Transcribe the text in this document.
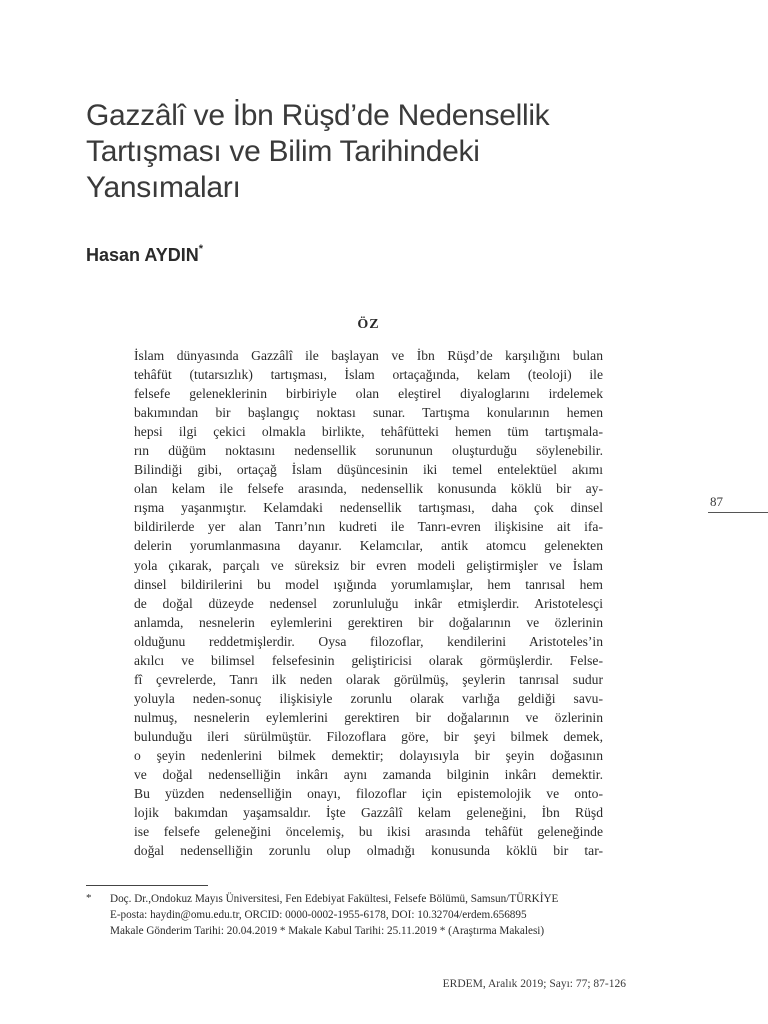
Gazzâlî ve İbn Rüşd’de Nedensellik
Tartışması ve Bilim Tarihindeki
Yansımaları
Hasan AYDIN*
ÖZ
İslam dünyasında Gazzâlî ile başlayan ve İbn Rüşd’de karşılığını bulan
tehâfüt (tutarsızlık) tartışması, İslam ortaçağında, kelam (teoloji) ile
felsefe geleneklerinin birbiriyle olan eleştirel diyaloglarını irdelemek
bakımından bir başlangıç noktası sunar. Tartışma konularının hemen
hepsi ilgi çekici olmakla birlikte, tehâfütteki hemen tüm tartışmala-
rın düğüm noktasını nedensellik sorununun oluşturduğu söylenebilir.
Bilindiği gibi, ortaçağ İslam düşüncesinin iki temel entelektüel akımı
olan kelam ile felsefe arasında, nedensellik konusunda köklü bir ay-
rışma yaşanmıştır. Kelamdaki nedensellik tartışması, daha çok dinsel
bildirilerde yer alan Tanrı’nın kudreti ile Tanrı-evren ilişkisine ait ifa-
delerin yorumlanmasına dayanır. Kelamcılar, antik atomcu gelenekten
yola çıkarak, parçalı ve süreksiz bir evren modeli geliştirmişler ve İslam
dinsel bildirilerini bu model ışığında yorumlamışlar, hem tanrısal hem
de doğal düzeyde nedensel zorunluluğu inkâr etmişlerdir. Aristotelesçi
anlamda, nesnelerin eylemlerini gerektiren bir doğalarının ve özlerinin
olduğunu reddetmişlerdir. Oysa filozoflar, kendilerini Aristoteles’in
akılcı ve bilimsel felsefesinin geliştiricisi olarak görmüşlerdir. Felse-
fî çevrelerde, Tanrı ilk neden olarak görülmüş, şeylerin tanrısal sudur
yoluyla neden-sonuç ilişkisiyle zorunlu olarak varlığa geldiği savu-
nulmuş, nesnelerin eylemlerini gerektiren bir doğalarının ve özlerinin
bulunduğu ileri sürülmüştür. Filozoflara göre, bir şeyi bilmek demek,
o şeyin nedenlerini bilmek demektir; dolayısıyla bir şeyin doğasının
ve doğal nedenselliğin inkârı aynı zamanda bilginin inkârı demektir.
Bu yüzden nedenselliğin onayı, filozoflar için epistemolojik ve onto-
lojik bakımdan yaşamsaldır. İşte Gazzâlî kelam geleneğini, İbn Rüşd
ise felsefe geleneğini öncelemiş, bu ikisi arasında tehâfüt geleneğinde
doğal nedenselliğin zorunlu olup olmadığı konusunda köklü bir tar-
87
* Doç. Dr.,Ondokuz Mayıs Üniversitesi, Fen Edebiyat Fakültesi, Felsefe Bölümü, Samsun/TÜRKİYE
E-posta: haydin@omu.edu.tr, ORCID: 0000-0002-1955-6178, DOI: 10.32704/erdem.656895
Makale Gönderim Tarihi: 20.04.2019 * Makale Kabul Tarihi: 25.11.2019 * (Araştırma Makalesi)
ERDEM, Aralık 2019; Sayı: 77; 87-126
